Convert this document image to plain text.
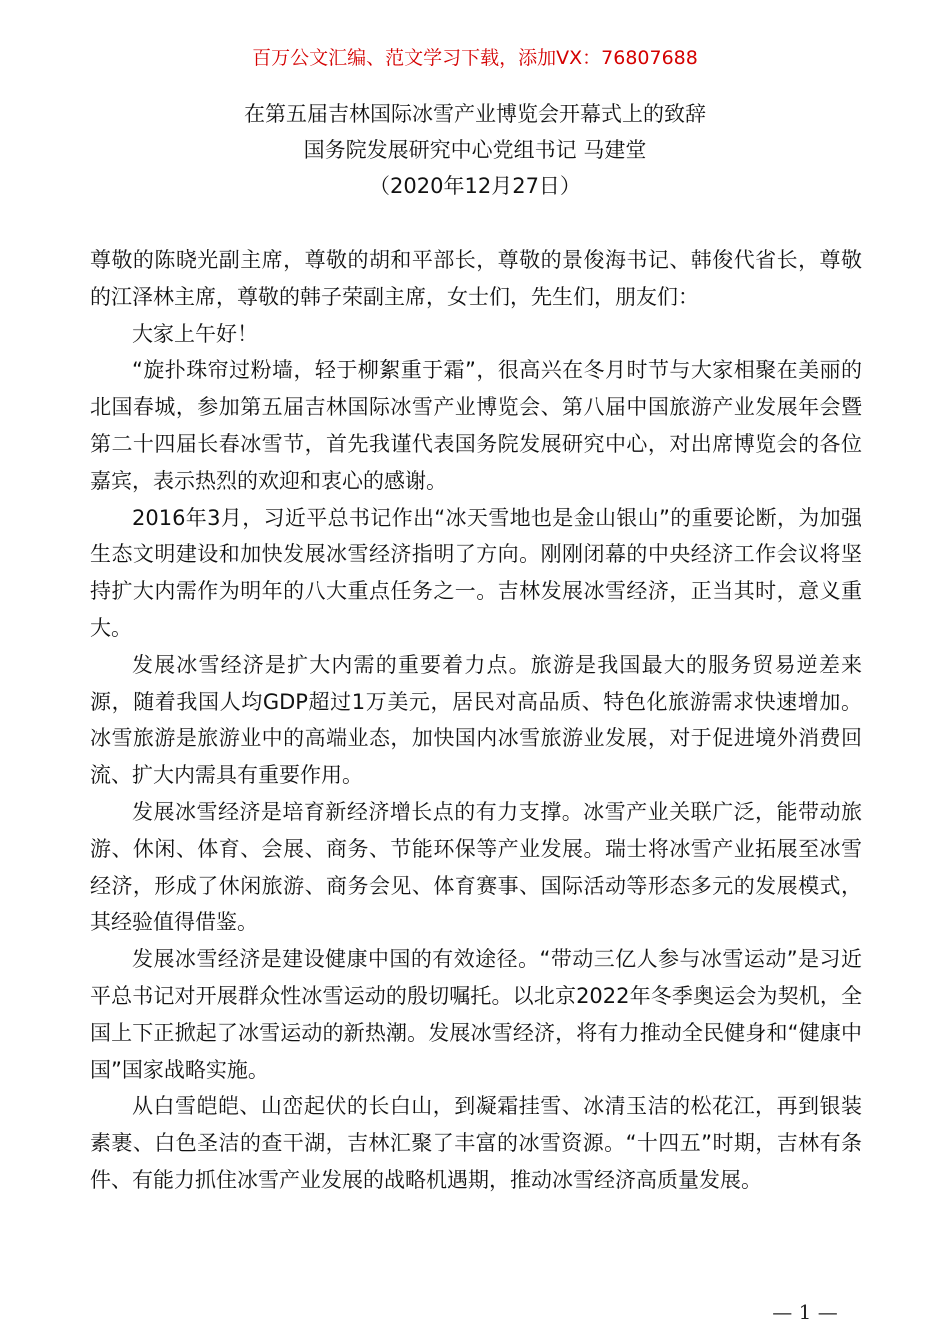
百万公文汇编、范文学习下载，添加VX：76807688
在第五届吉林国际冰雪产业博览会开幕式上的致辞
国务院发展研究中心党组书记 马建堂
（2020年12月27日）

尊敬的陈晓光副主席，尊敬的胡和平部长，尊敬的景俊海书记、韩俊代省长，尊敬的江泽林主席，尊敬的韩子荣副主席，女士们，先生们，朋友们：

大家上午好！

“旋扑珠帘过粉墙，轻于柳絮重于霜”，很高兴在冬月时节与大家相聚在美丽的北国春城，参加第五届吉林国际冰雪产业博览会、第八届中国旅游产业发展年会暨第二十四届长春冰雪节，首先我谨代表国务院发展研究中心，对出席博览会的各位嘉宾，表示热烈的欢迎和衷心的感谢。

2016年3月，习近平总书记作出“冰天雪地也是金山银山”的重要论断，为加强生态文明建设和加快发展冰雪经济指明了方向。刚刚闭幕的中央经济工作会议将坚持扩大内需作为明年的八大重点任务之一。吉林发展冰雪经济，正当其时，意义重大。

发展冰雪经济是扩大内需的重要着力点。旅游是我国最大的服务贸易逆差来源，随着我国人均GDP超过1万美元，居民对高品质、特色化旅游需求快速增加。冰雪旅游是旅游业中的高端业态，加快国内冰雪旅游业发展，对于促进境外消费回流、扩大内需具有重要作用。

发展冰雪经济是培育新经济增长点的有力支撑。冰雪产业关联广泛，能带动旅游、休闲、体育、会展、商务、节能环保等产业发展。瑞士将冰雪产业拓展至冰雪经济，形成了休闲旅游、商务会见、体育赛事、国际活动等形态多元的发展模式，其经验值得借鉴。

发展冰雪经济是建设健康中国的有效途径。“带动三亿人参与冰雪运动”是习近平总书记对开展群众性冰雪运动的殷切嘱托。以北京2022年冬季奥运会为契机，全国上下正掀起了冰雪运动的新热潮。发展冰雪经济，将有力推动全民健身和“健康中国”国家战略实施。

从白雪皑皑、山峦起伏的长白山，到凝霜挂雪、冰清玉洁的松花江，再到银装素裹、白色圣洁的查干湖，吉林汇聚了丰富的冰雪资源。“十四五”时期，吉林有条件、有能力抓住冰雪产业发展的战略机遇期，推动冰雪经济高质量发展。

— 1 —
